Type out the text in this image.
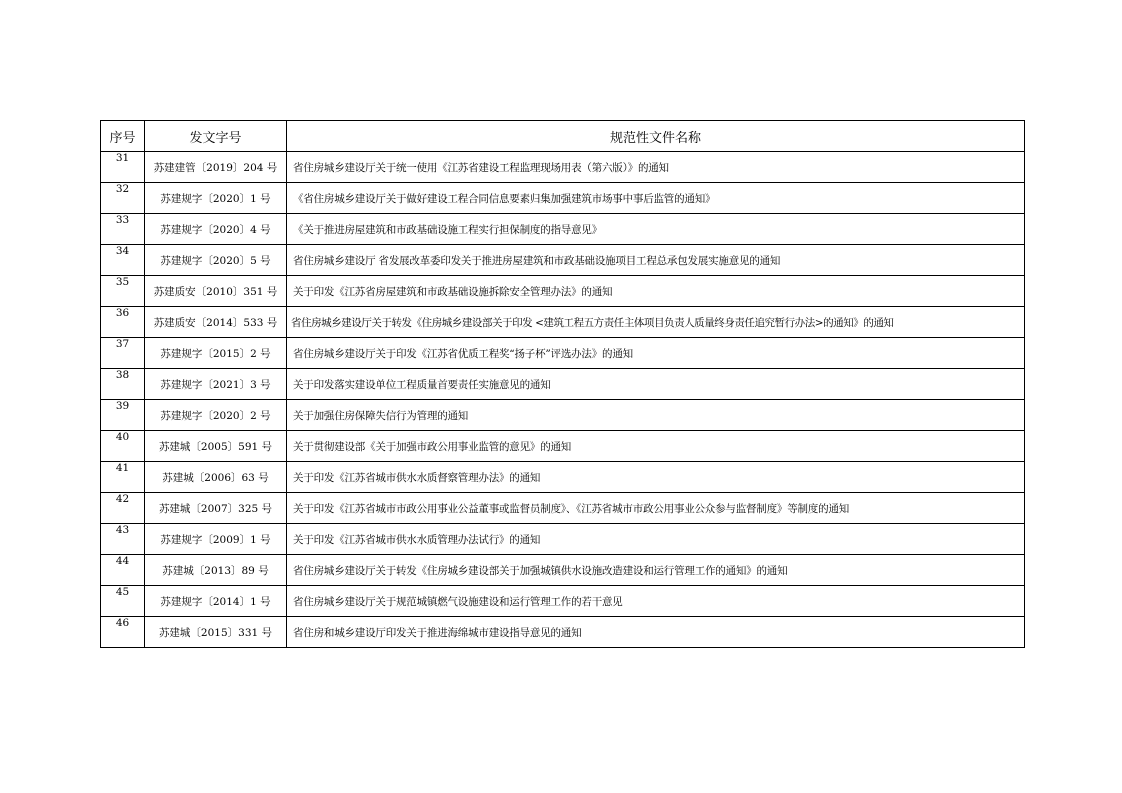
序号	发文字号	规范性文件名称
31	苏建建管〔2019〕204 号	省住房城乡建设厅关于统一使用《江苏省建设工程监理现场用表（第六版）》的通知
32	苏建规字〔2020〕1 号	《省住房城乡建设厅关于做好建设工程合同信息要素归集加强建筑市场事中事后监管的通知》
33	苏建规字〔2020〕4 号	《关于推进房屋建筑和市政基础设施工程实行担保制度的指导意见》
34	苏建规字〔2020〕5 号	省住房城乡建设厅 省发展改革委印发关于推进房屋建筑和市政基础设施项目工程总承包发展实施意见的通知
35	苏建质安〔2010〕351 号	关于印发《江苏省房屋建筑和市政基础设施拆除安全管理办法》的通知
36	苏建质安〔2014〕533 号	省住房城乡建设厅关于转发《住房城乡建设部关于印发 <建筑工程五方责任主体项目负责人质量终身责任追究暂行办法>的通知》的通知
37	苏建规字〔2015〕2 号	省住房城乡建设厅关于印发《江苏省优质工程奖“扬子杯”评选办法》的通知
38	苏建规字〔2021〕3 号	关于印发落实建设单位工程质量首要责任实施意见的通知
39	苏建规字〔2020〕2 号	关于加强住房保障失信行为管理的通知
40	苏建城〔2005〕591 号	关于贯彻建设部《关于加强市政公用事业监管的意见》的通知
41	苏建城〔2006〕63 号	关于印发《江苏省城市供水水质督察管理办法》的通知
42	苏建城〔2007〕325 号	关于印发《江苏省城市市政公用事业公益董事或监督员制度》、《江苏省城市市政公用事业公众参与监督制度》等制度的通知
43	苏建规字〔2009〕1 号	关于印发《江苏省城市供水水质管理办法试行》的通知
44	苏建城〔2013〕89 号	省住房城乡建设厅关于转发《住房城乡建设部关于加强城镇供水设施改造建设和运行管理工作的通知》的通知
45	苏建规字〔2014〕1 号	省住房城乡建设厅关于规范城镇燃气设施建设和运行管理工作的若干意见
46	苏建城〔2015〕331 号	省住房和城乡建设厅印发关于推进海绵城市建设指导意见的通知
